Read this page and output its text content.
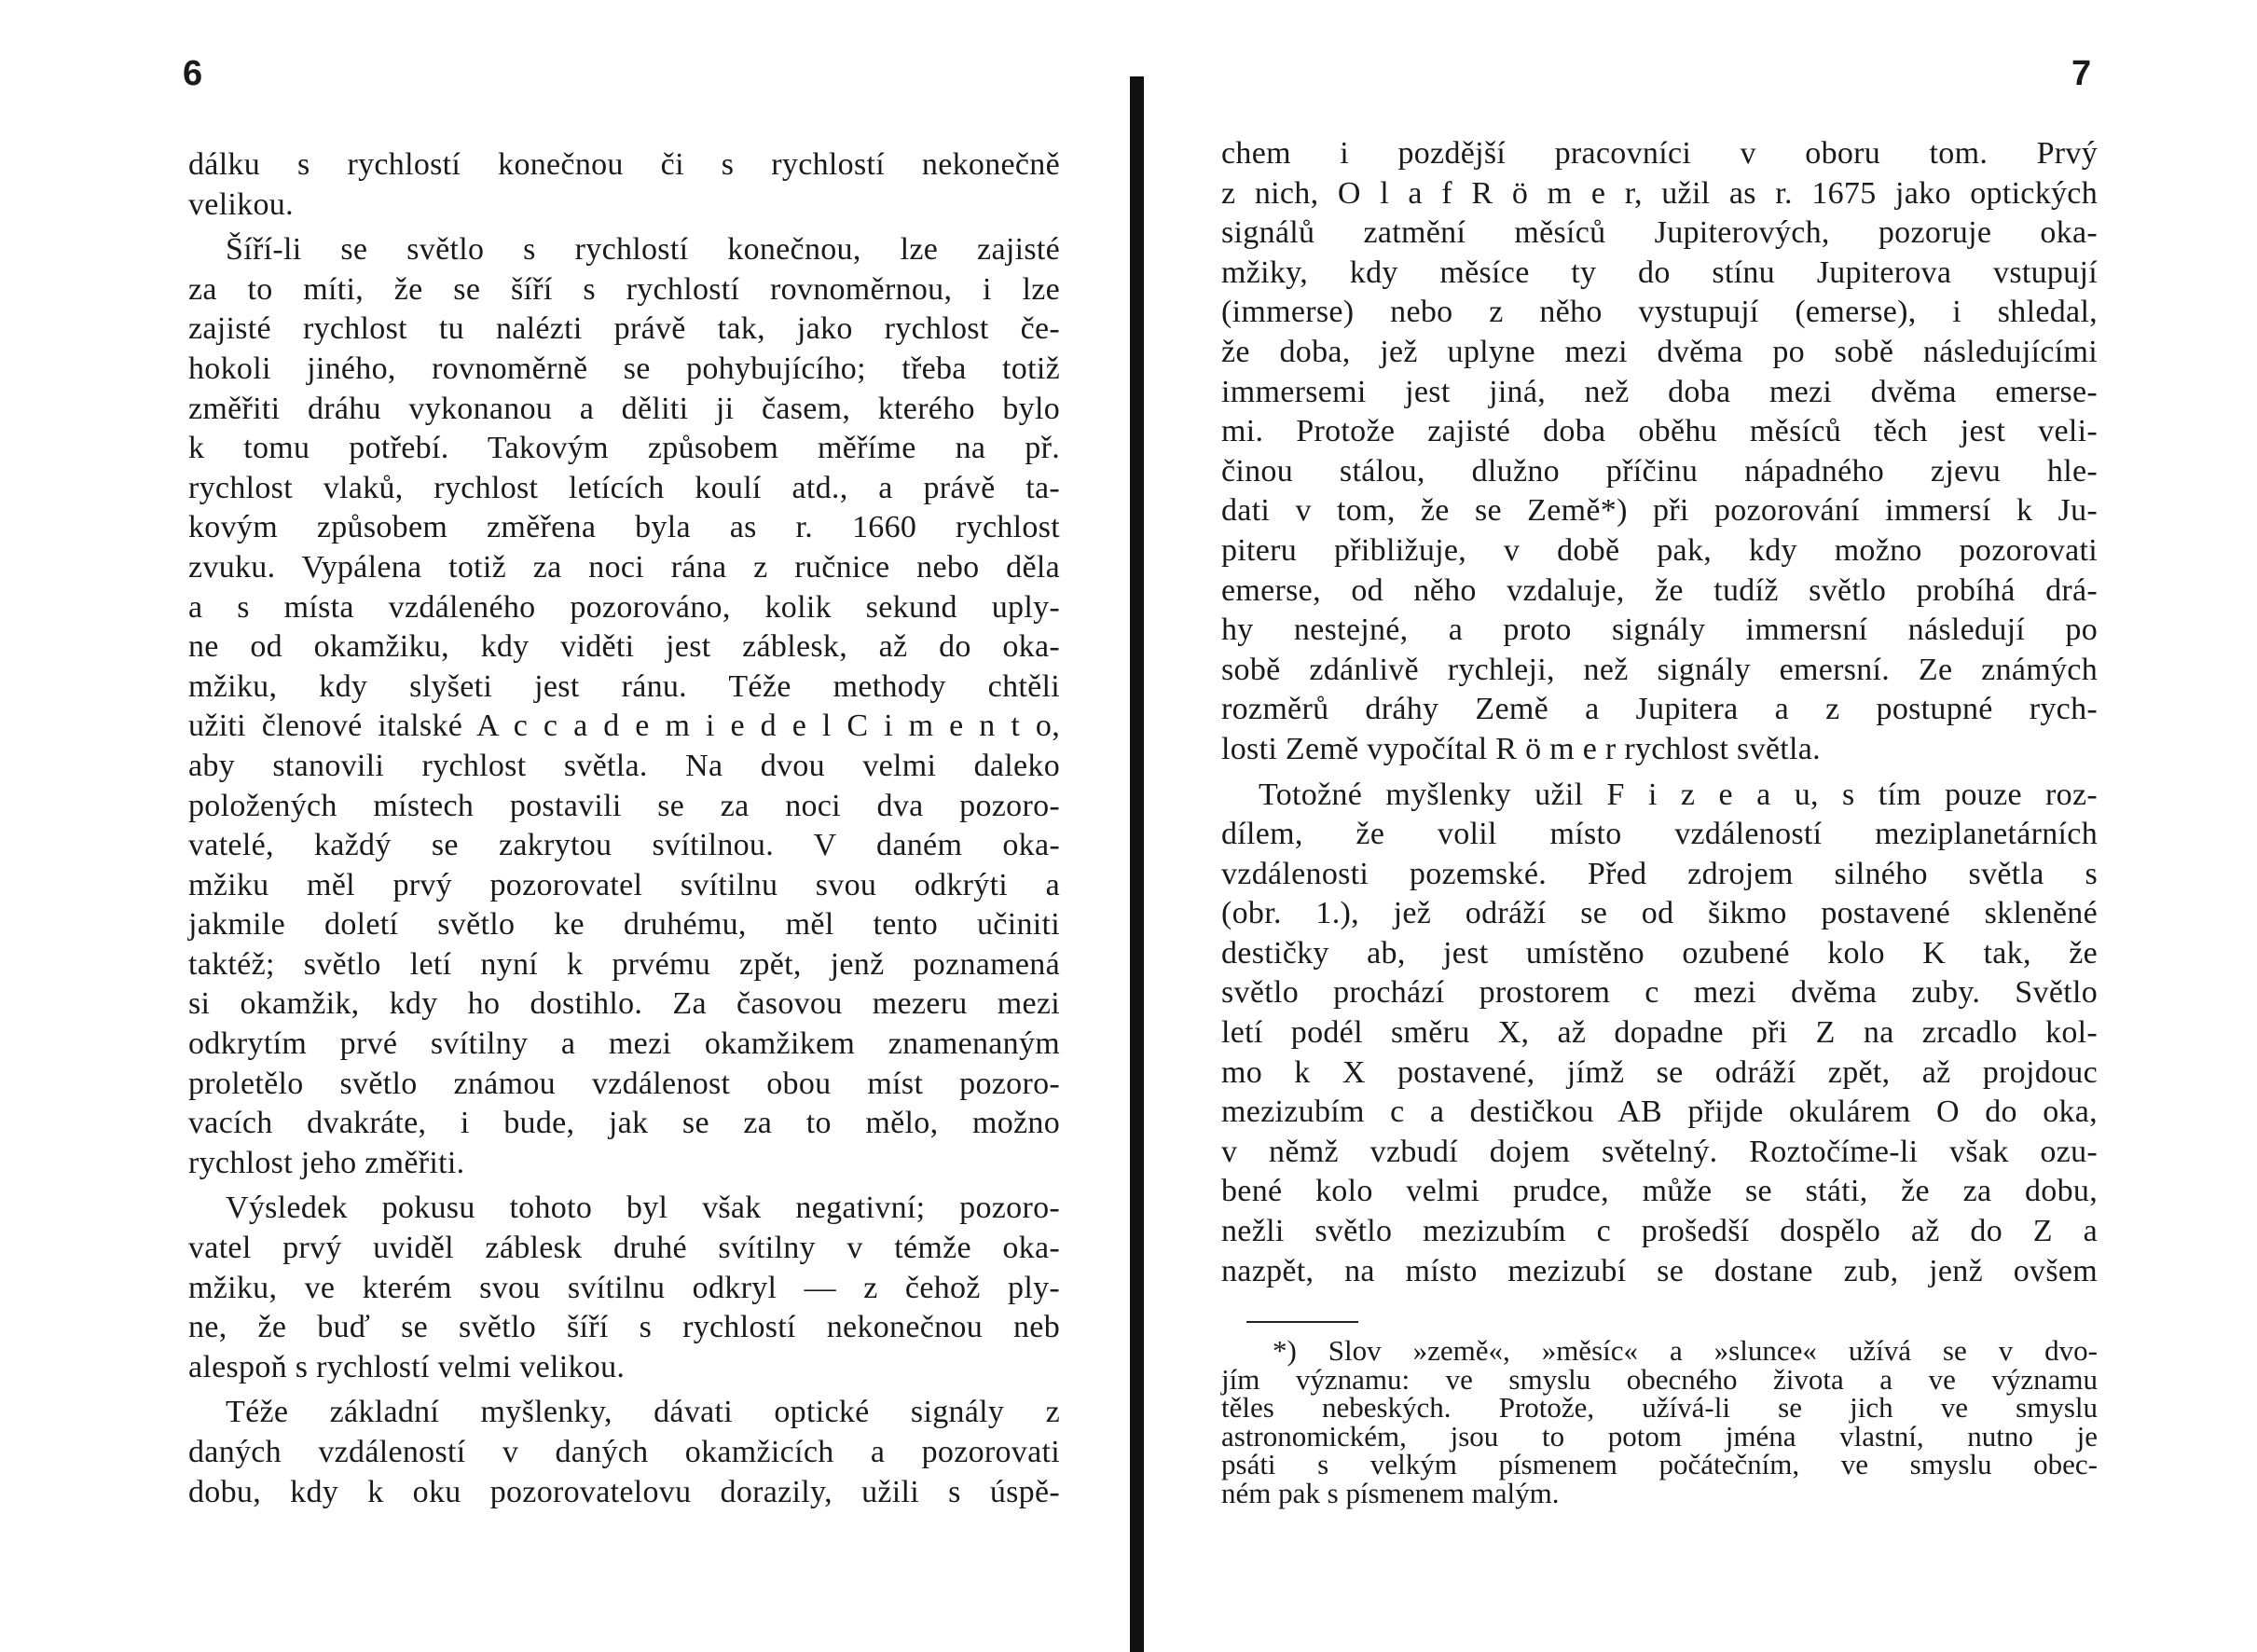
6
dálku s rychlostí konečnou či s rychlostí nekonečně
velikou.
Šíří-li se světlo s rychlostí konečnou, lze zajisté
za to míti, že se šíří s rychlostí rovnoměrnou, i lze
zajisté rychlost tu nalézti právě tak, jako rychlost če-
hokoli jiného, rovnoměrně se pohybujícího; třeba totiž
změřiti dráhu vykonanou a děliti ji časem, kterého bylo
k tomu potřebí. Takovým způsobem měříme na př.
rychlost vlaků, rychlost letících koulí atd., a právě ta-
kovým způsobem změřena byla as r. 1660 rychlost
zvuku. Vypálena totiž za noci rána z ručnice nebo děla
a s místa vzdáleného pozorováno, kolik sekund uply-
ne od okamžiku, kdy viděti jest záblesk, až do oka-
mžiku, kdy slyšeti jest ránu. Téže methody chtěli
užiti členové italské A c c a d e m i e d e l C i m e n t o,
aby stanovili rychlost světla. Na dvou velmi daleko
položených místech postavili se za noci dva pozoro-
vatelé, každý se zakrytou svítilnou. V daném oka-
mžiku měl prvý pozorovatel svítilnu svou odkrýti a
jakmile doletí světlo ke druhému, měl tento učiniti
taktéž; světlo letí nyní k prvému zpět, jenž poznamená
si okamžik, kdy ho dostihlo. Za časovou mezeru mezi
odkrytím prvé svítilny a mezi okamžikem znamenaným
proletělo světlo známou vzdálenost obou míst pozoro-
vacích dvakráte, i bude, jak se za to mělo, možno
rychlost jeho změřiti.
Výsledek pokusu tohoto byl však negativní; pozoro-
vatel prvý uviděl záblesk druhé svítilny v témže oka-
mžiku, ve kterém svou svítilnu odkryl — z čehož ply-
ne, že buď se světlo šíří s rychlostí nekonečnou neb
alespoň s rychlostí velmi velikou.
Téže základní myšlenky, dávati optické signály z
daných vzdáleností v daných okamžicích a pozorovati
dobu, kdy k oku pozorovatelovu dorazily, užili s úspě-
7
chem i pozdější pracovníci v oboru tom. Prvý
z nich, O l a f R ö m e r, užil as r. 1675 jako optických
signálů zatmění měsíců Jupiterových, pozoruje oka-
mžiky, kdy měsíce ty do stínu Jupiterova vstupují
(immerse) nebo z něho vystupují (emerse), i shledal,
že doba, jež uplyne mezi dvěma po sobě následujícími
immersemi jest jiná, než doba mezi dvěma emerse-
mi. Protože zajisté doba oběhu měsíců těch jest veli-
činou stálou, dlužno příčinu nápadného zjevu hle-
dati v tom, že se Země*) při pozorování immersí k Ju-
piteru přibližuje, v době pak, kdy možno pozorovati
emerse, od něho vzdaluje, že tudíž světlo probíhá drá-
hy nestejné, a proto signály immersní následují po
sobě zdánlivě rychleji, než signály emersní. Ze známých
rozměrů dráhy Země a Jupitera a z postupné rych-
losti Země vypočítal R ö m e r rychlost světla.
Totožné myšlenky užil F i z e a u, s tím pouze roz-
dílem, že volil místo vzdáleností meziplanetárních
vzdálenosti pozemské. Před zdrojem silného světla s
(obr. 1.), jež odráží se od šikmo postavené skleněné
destičky ab, jest umístěno ozubené kolo K tak, že
světlo prochází prostorem c mezi dvěma zuby. Světlo
letí podél směru X, až dopadne při Z na zrcadlo kol-
mo k X postavené, jímž se odráží zpět, až projdouc
mezizubím c a destičkou AB přijde okulárem O do oka,
v němž vzbudí dojem světelný. Roztočíme-li však ozu-
bené kolo velmi prudce, může se státi, že za dobu,
nežli světlo mezizubím c prošedší dospělo až do Z a
nazpět, na místo mezizubí se dostane zub, jenž ovšem
*) Slov »země«, »měsíc« a »slunce« užívá se v dvo-
jím významu: ve smyslu obecného života a ve významu
těles nebeských. Protože, užívá-li se jich ve smyslu
astronomickém, jsou to potom jména vlastní, nutno je
psáti s velkým písmenem počátečním, ve smyslu obec-
ném pak s písmenem malým.
